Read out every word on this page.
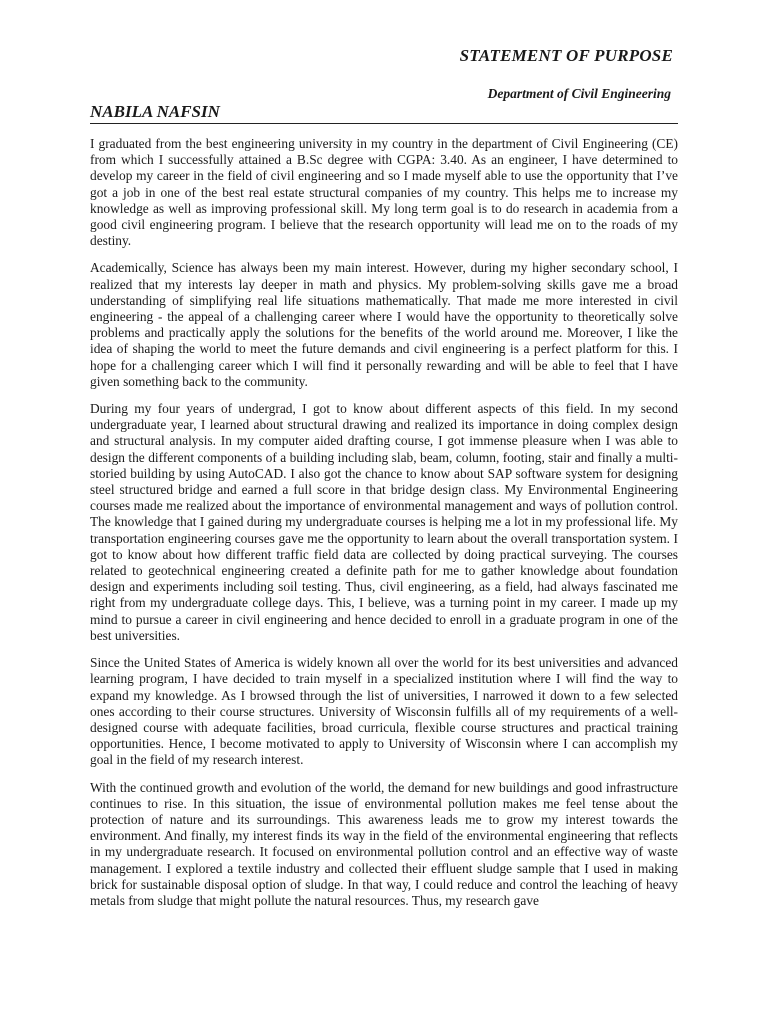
STATEMENT OF PURPOSE
Department of Civil Engineering
NABILA NAFSIN

I graduated from the best engineering university in my country in the department of Civil Engineering (CE) from which I successfully attained a B.Sc degree with CGPA: 3.40. As an engineer, I have determined to develop my career in the field of civil engineering and so I made myself able to use the opportunity that I’ve got a job in one of the best real estate structural companies of my country. This helps me to increase my knowledge as well as improving professional skill. My long term goal is to do research in academia from a good civil engineering program. I believe that the research opportunity will lead me on to the roads of my destiny.

Academically, Science has always been my main interest. However, during my higher secondary school, I realized that my interests lay deeper in math and physics. My problem-solving skills gave me a broad understanding of simplifying real life situations mathematically. That made me more interested in civil engineering - the appeal of a challenging career where I would have the opportunity to theoretically solve problems and practically apply the solutions for the benefits of the world around me. Moreover, I like the idea of shaping the world to meet the future demands and civil engineering is a perfect platform for this. I hope for a challenging career which I will find it personally rewarding and will be able to feel that I have given something back to the community.

During my four years of undergrad, I got to know about different aspects of this field. In my second undergraduate year, I learned about structural drawing and realized its importance in doing complex design and structural analysis. In my computer aided drafting course, I got immense pleasure when I was able to design the different components of a building including slab, beam, column, footing, stair and finally a multi-storied building by using AutoCAD. I also got the chance to know about SAP software system for designing steel structured bridge and earned a full score in that bridge design class. My Environmental Engineering courses made me realized about the importance of environmental management and ways of pollution control. The knowledge that I gained during my undergraduate courses is helping me a lot in my professional life. My transportation engineering courses gave me the opportunity to learn about the overall transportation system. I got to know about how different traffic field data are collected by doing practical surveying. The courses related to geotechnical engineering created a definite path for me to gather knowledge about foundation design and experiments including soil testing. Thus, civil engineering, as a field, had always fascinated me right from my undergraduate college days. This, I believe, was a turning point in my career. I made up my mind to pursue a career in civil engineering and hence decided to enroll in a graduate program in one of the best universities.

Since the United States of America is widely known all over the world for its best universities and advanced learning program, I have decided to train myself in a specialized institution where I will find the way to expand my knowledge. As I browsed through the list of universities, I narrowed it down to a few selected ones according to their course structures. University of Wisconsin fulfills all of my requirements of a well-designed course with adequate facilities, broad curricula, flexible course structures and practical training opportunities. Hence, I become motivated to apply to University of Wisconsin where I can accomplish my goal in the field of my research interest.

With the continued growth and evolution of the world, the demand for new buildings and good infrastructure continues to rise. In this situation, the issue of environmental pollution makes me feel tense about the protection of nature and its surroundings. This awareness leads me to grow my interest towards the environment. And finally, my interest finds its way in the field of the environmental engineering that reflects in my undergraduate research. It focused on environmental pollution control and an effective way of waste management. I explored a textile industry and collected their effluent sludge sample that I used in making brick for sustainable disposal option of sludge. In that way, I could reduce and control the leaching of heavy metals from sludge that might pollute the natural resources. Thus, my research gave
